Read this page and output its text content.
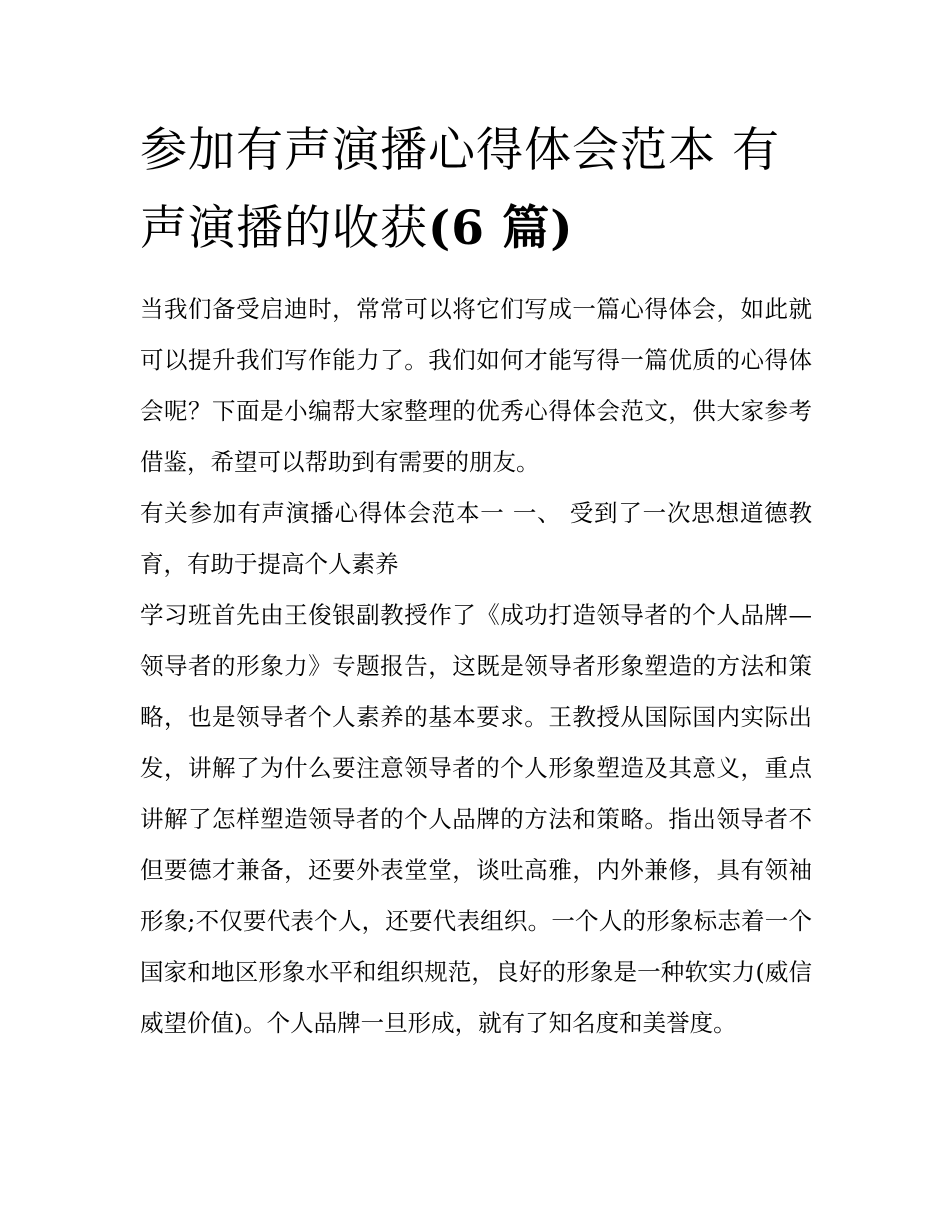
参加有声演播心得体会范本 有声演播的收获(6 篇)

当我们备受启迪时，常常可以将它们写成一篇心得体会，如此就可以提升我们写作能力了。我们如何才能写得一篇优质的心得体会呢？下面是小编帮大家整理的优秀心得体会范文，供大家参考借鉴，希望可以帮助到有需要的朋友。

有关参加有声演播心得体会范本一 一、 受到了一次思想道德教育，有助于提高个人素养

学习班首先由王俊银副教授作了《成功打造领导者的个人品牌—领导者的形象力》专题报告，这既是领导者形象塑造的方法和策略，也是领导者个人素养的基本要求。王教授从国际国内实际出发，讲解了为什么要注意领导者的个人形象塑造及其意义，重点讲解了怎样塑造领导者的个人品牌的方法和策略。指出领导者不但要德才兼备，还要外表堂堂，谈吐高雅，内外兼修，具有领袖形象;不仅要代表个人，还要代表组织。一个人的形象标志着一个国家和地区形象水平和组织规范，良好的形象是一种软实力(威信威望价值)。个人品牌一旦形成，就有了知名度和美誉度。
